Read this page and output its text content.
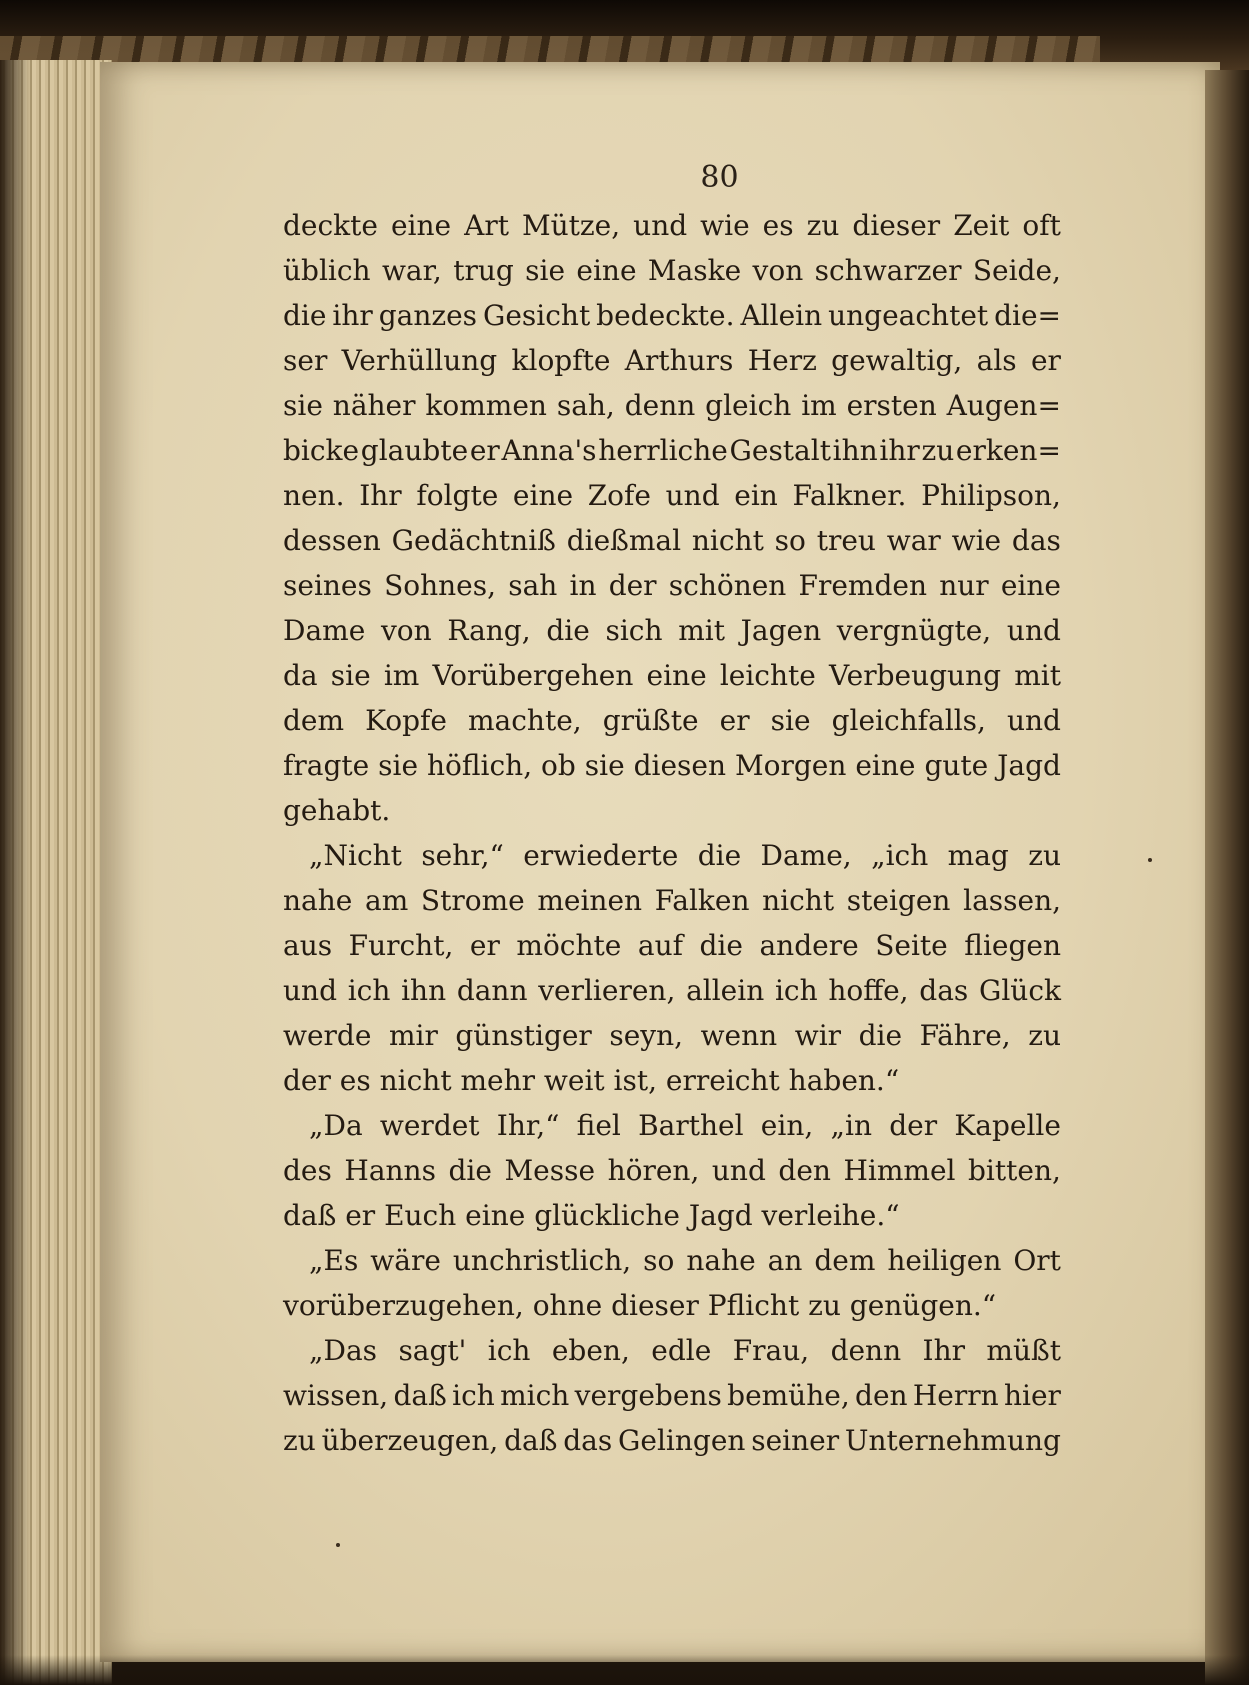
80
deckte eine Art Mütze, und wie es zu dieser Zeit oft
üblich war, trug sie eine Maske von schwarzer Seide,
die ihr ganzes Gesicht bedeckte. Allein ungeachtet die=
ser Verhüllung klopfte Arthurs Herz gewaltig, als er
sie näher kommen sah, denn gleich im ersten Augen=
bicke glaubte er Anna's herrliche Gestalt ihn ihr zu erken=
nen. Ihr folgte eine Zofe und ein Falkner. Philipson,
dessen Gedächtniß dießmal nicht so treu war wie das
seines Sohnes, sah in der schönen Fremden nur eine
Dame von Rang, die sich mit Jagen vergnügte, und
da sie im Vorübergehen eine leichte Verbeugung mit
dem Kopfe machte, grüßte er sie gleichfalls, und
fragte sie höflich, ob sie diesen Morgen eine gute Jagd
gehabt.
„Nicht sehr,“ erwiederte die Dame, „ich mag zu
nahe am Strome meinen Falken nicht steigen lassen,
aus Furcht, er möchte auf die andere Seite fliegen
und ich ihn dann verlieren, allein ich hoffe, das Glück
werde mir günstiger seyn, wenn wir die Fähre, zu
der es nicht mehr weit ist, erreicht haben.“
„Da werdet Ihr,“ fiel Barthel ein, „in der Kapelle
des Hanns die Messe hören, und den Himmel bitten,
daß er Euch eine glückliche Jagd verleihe.“
„Es wäre unchristlich, so nahe an dem heiligen Ort
vorüberzugehen, ohne dieser Pflicht zu genügen.“
„Das sagt' ich eben, edle Frau, denn Ihr müßt
wissen, daß ich mich vergebens bemühe, den Herrn hier
zu überzeugen, daß das Gelingen seiner Unternehmung
